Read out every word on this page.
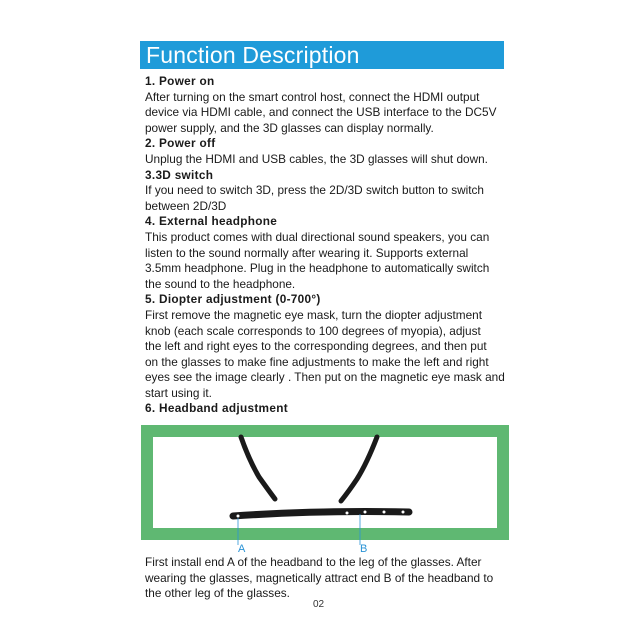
Function Description
1. Power on
After turning on the smart control host, connect the HDMI output
device via HDMI cable, and connect the USB interface to the DC5V
power supply, and the 3D glasses can display normally.
2. Power off
Unplug the HDMI and USB cables, the 3D glasses will shut down.
3.3D switch
If you need to switch 3D, press the 2D/3D switch button to switch
between 2D/3D
4. External headphone
This product comes with dual directional sound speakers, you can
listen to the sound normally after wearing it. Supports external
3.5mm headphone. Plug in the headphone to automatically switch
the sound to the headphone.
5. Diopter adjustment (0-700°)
First remove the magnetic eye mask, turn the diopter adjustment
knob (each scale corresponds to 100 degrees of myopia), adjust
the left and right eyes to the corresponding degrees, and then put
on the glasses to make fine adjustments to make the left and right
eyes see the image clearly . Then put on the magnetic eye mask and
start using it.
6. Headband adjustment
A	B
First install end A of the headband to the leg of the glasses. After
wearing the glasses, magnetically attract end B of the headband to
the other leg of the glasses.
02
